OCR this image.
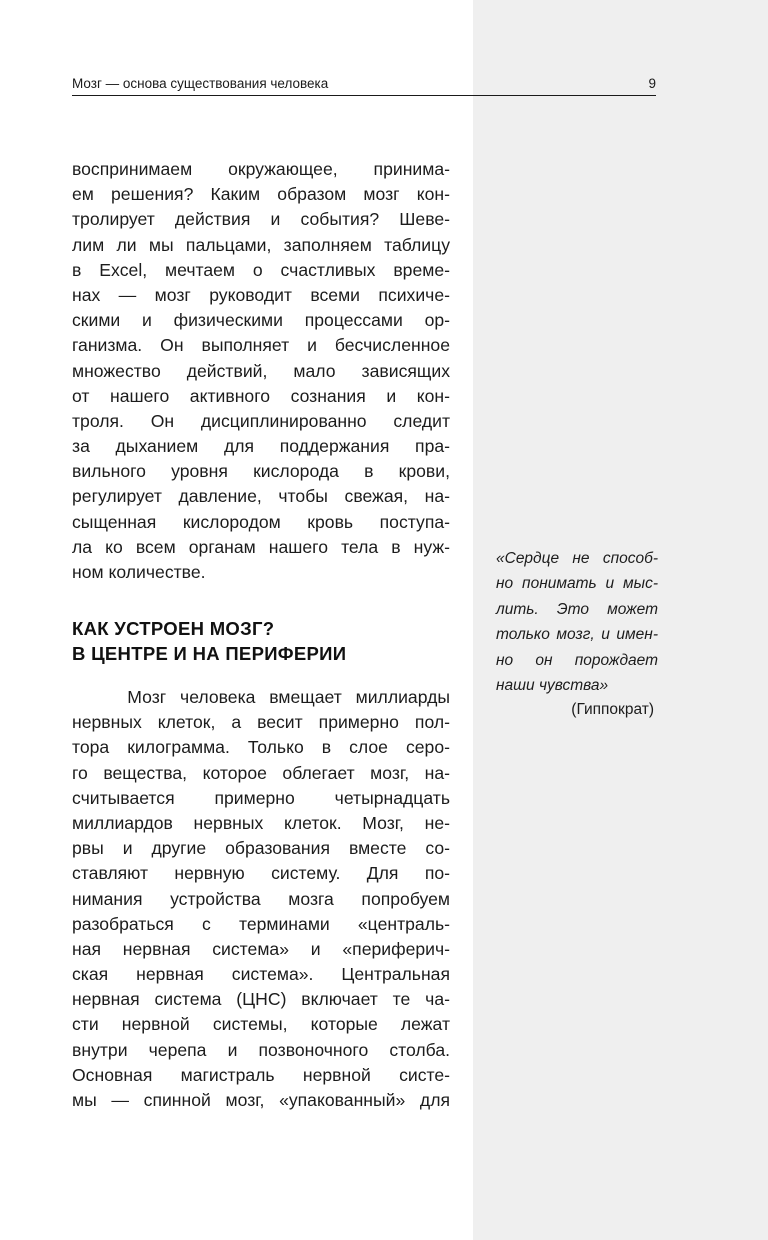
Мозг — основа существования человека	9
воспринимаем окружающее, принима-
ем решения? Каким образом мозг кон-
тролирует действия и события? Шеве-
лим ли мы пальцами, заполняем таблицу
в Excel, мечтаем о счастливых време-
нах — мозг руководит всеми психиче-
скими и физическими процессами ор-
ганизма. Он выполняет и бесчисленное
множество действий, мало зависящих
от нашего активного сознания и кон-
троля. Он дисциплинированно следит
за дыханием для поддержания пра-
вильного уровня кислорода в крови,
регулирует давление, чтобы свежая, на-
сыщенная кислородом кровь поступа-
ла ко всем органам нашего тела в нуж-
ном количестве.
КАК УСТРОЕН МОЗГ?
В ЦЕНТРЕ И НА ПЕРИФЕРИИ
Мозг человека вмещает миллиарды
нервных клеток, а весит примерно пол-
тора килограмма. Только в слое серо-
го вещества, которое облегает мозг, на-
считывается примерно четырнадцать
миллиардов нервных клеток. Мозг, не-
рвы и другие образования вместе со-
ставляют нервную систему. Для по-
нимания устройства мозга попробуем
разобраться с терминами «централь-
ная нервная система» и «периферич-
ская нервная система». Центральная
нервная система (ЦНС) включает те ча-
сти нервной системы, которые лежат
внутри черепа и позвоночного столба.
Основная магистраль нервной систе-
мы — спинной мозг, «упакованный» для
«Сердце не способ-
но понимать и мыс-
лить. Это может
только мозг, и имен-
но он порождает
наши чувства»
(Гиппократ)
